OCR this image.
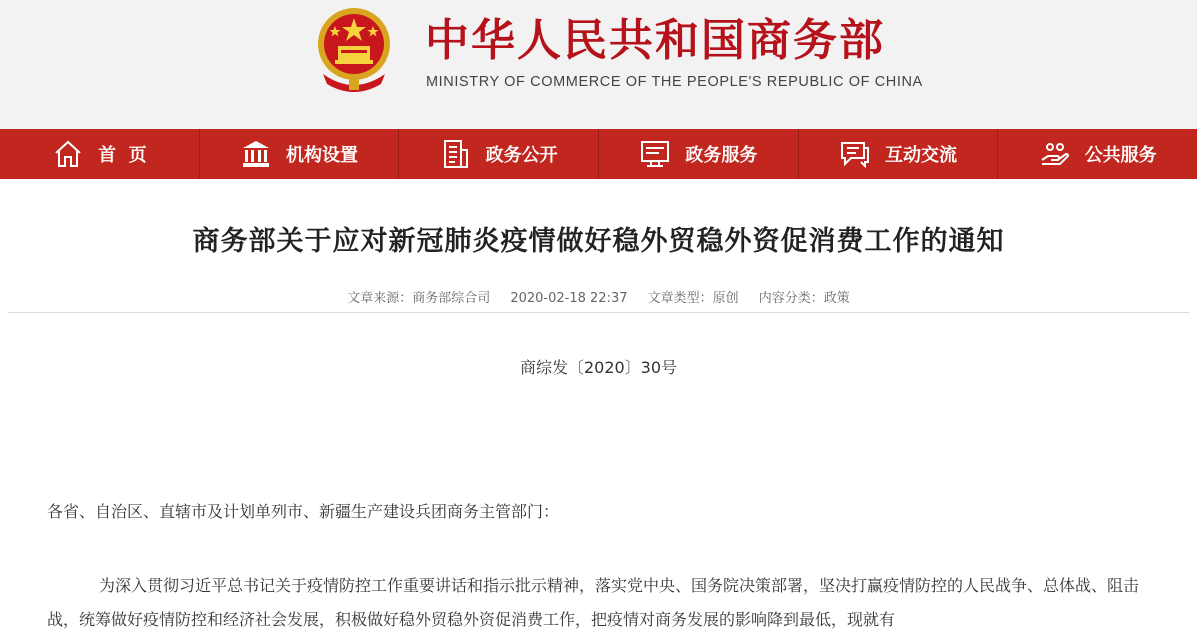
中华人民共和国商务部
MINISTRY OF COMMERCE OF THE PEOPLE'S REPUBLIC OF CHINA
首  页	机构设置	政务公开	政务服务	互动交流	公共服务
商务部关于应对新冠肺炎疫情做好稳外贸稳外资促消费工作的通知
文章来源：商务部综合司 2020-02-18 22:37 文章类型：原创 内容分类：政策
商综发〔2020〕30号
各省、自治区、直辖市及计划单列市、新疆生产建设兵团商务主管部门：
为深入贯彻习近平总书记关于疫情防控工作重要讲话和指示批示精神，落实党中央、国务院决策部署，坚决打赢疫情防控的人民战争、总体战、阻击战，统筹做好疫情防控和经济社会发展，积极做好稳外贸稳外资促消费工作，把疫情对商务发展的影响降到最低，现就有
